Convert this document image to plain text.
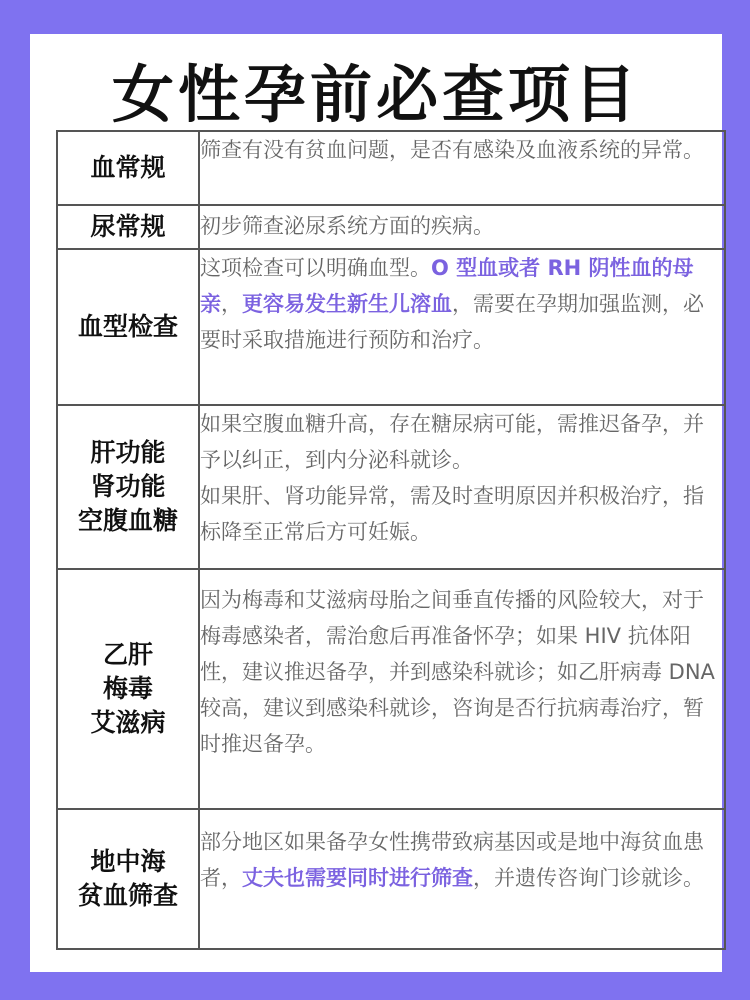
女性孕前必查项目
血常规	筛查有没有贫血问题，是否有感染及血液系统的异常。

尿常规	初步筛查泌尿系统方面的疾病。

血型检查	这项检查可以明确血型。O 型血或者 RH 阴性血的母亲，更容易发生新生儿溶血，需要在孕期加强监测，必要时采取措施进行预防和治疗。

肝功能
肾功能
空腹血糖	如果空腹血糖升高，存在糖尿病可能，需推迟备孕，并予以纠正，到内分泌科就诊。
如果肝、肾功能异常，需及时查明原因并积极治疗，指标降至正常后方可妊娠。

乙肝
梅毒
艾滋病	因为梅毒和艾滋病母胎之间垂直传播的风险较大，对于梅毒感染者，需治愈后再准备怀孕；如果 HIV 抗体阳性，建议推迟备孕，并到感染科就诊；如乙肝病毒 DNA 较高，建议到感染科就诊，咨询是否行抗病毒治疗，暂时推迟备孕。

地中海
贫血筛查	部分地区如果备孕女性携带致病基因或是地中海贫血患者，丈夫也需要同时进行筛查，并遗传咨询门诊就诊。
